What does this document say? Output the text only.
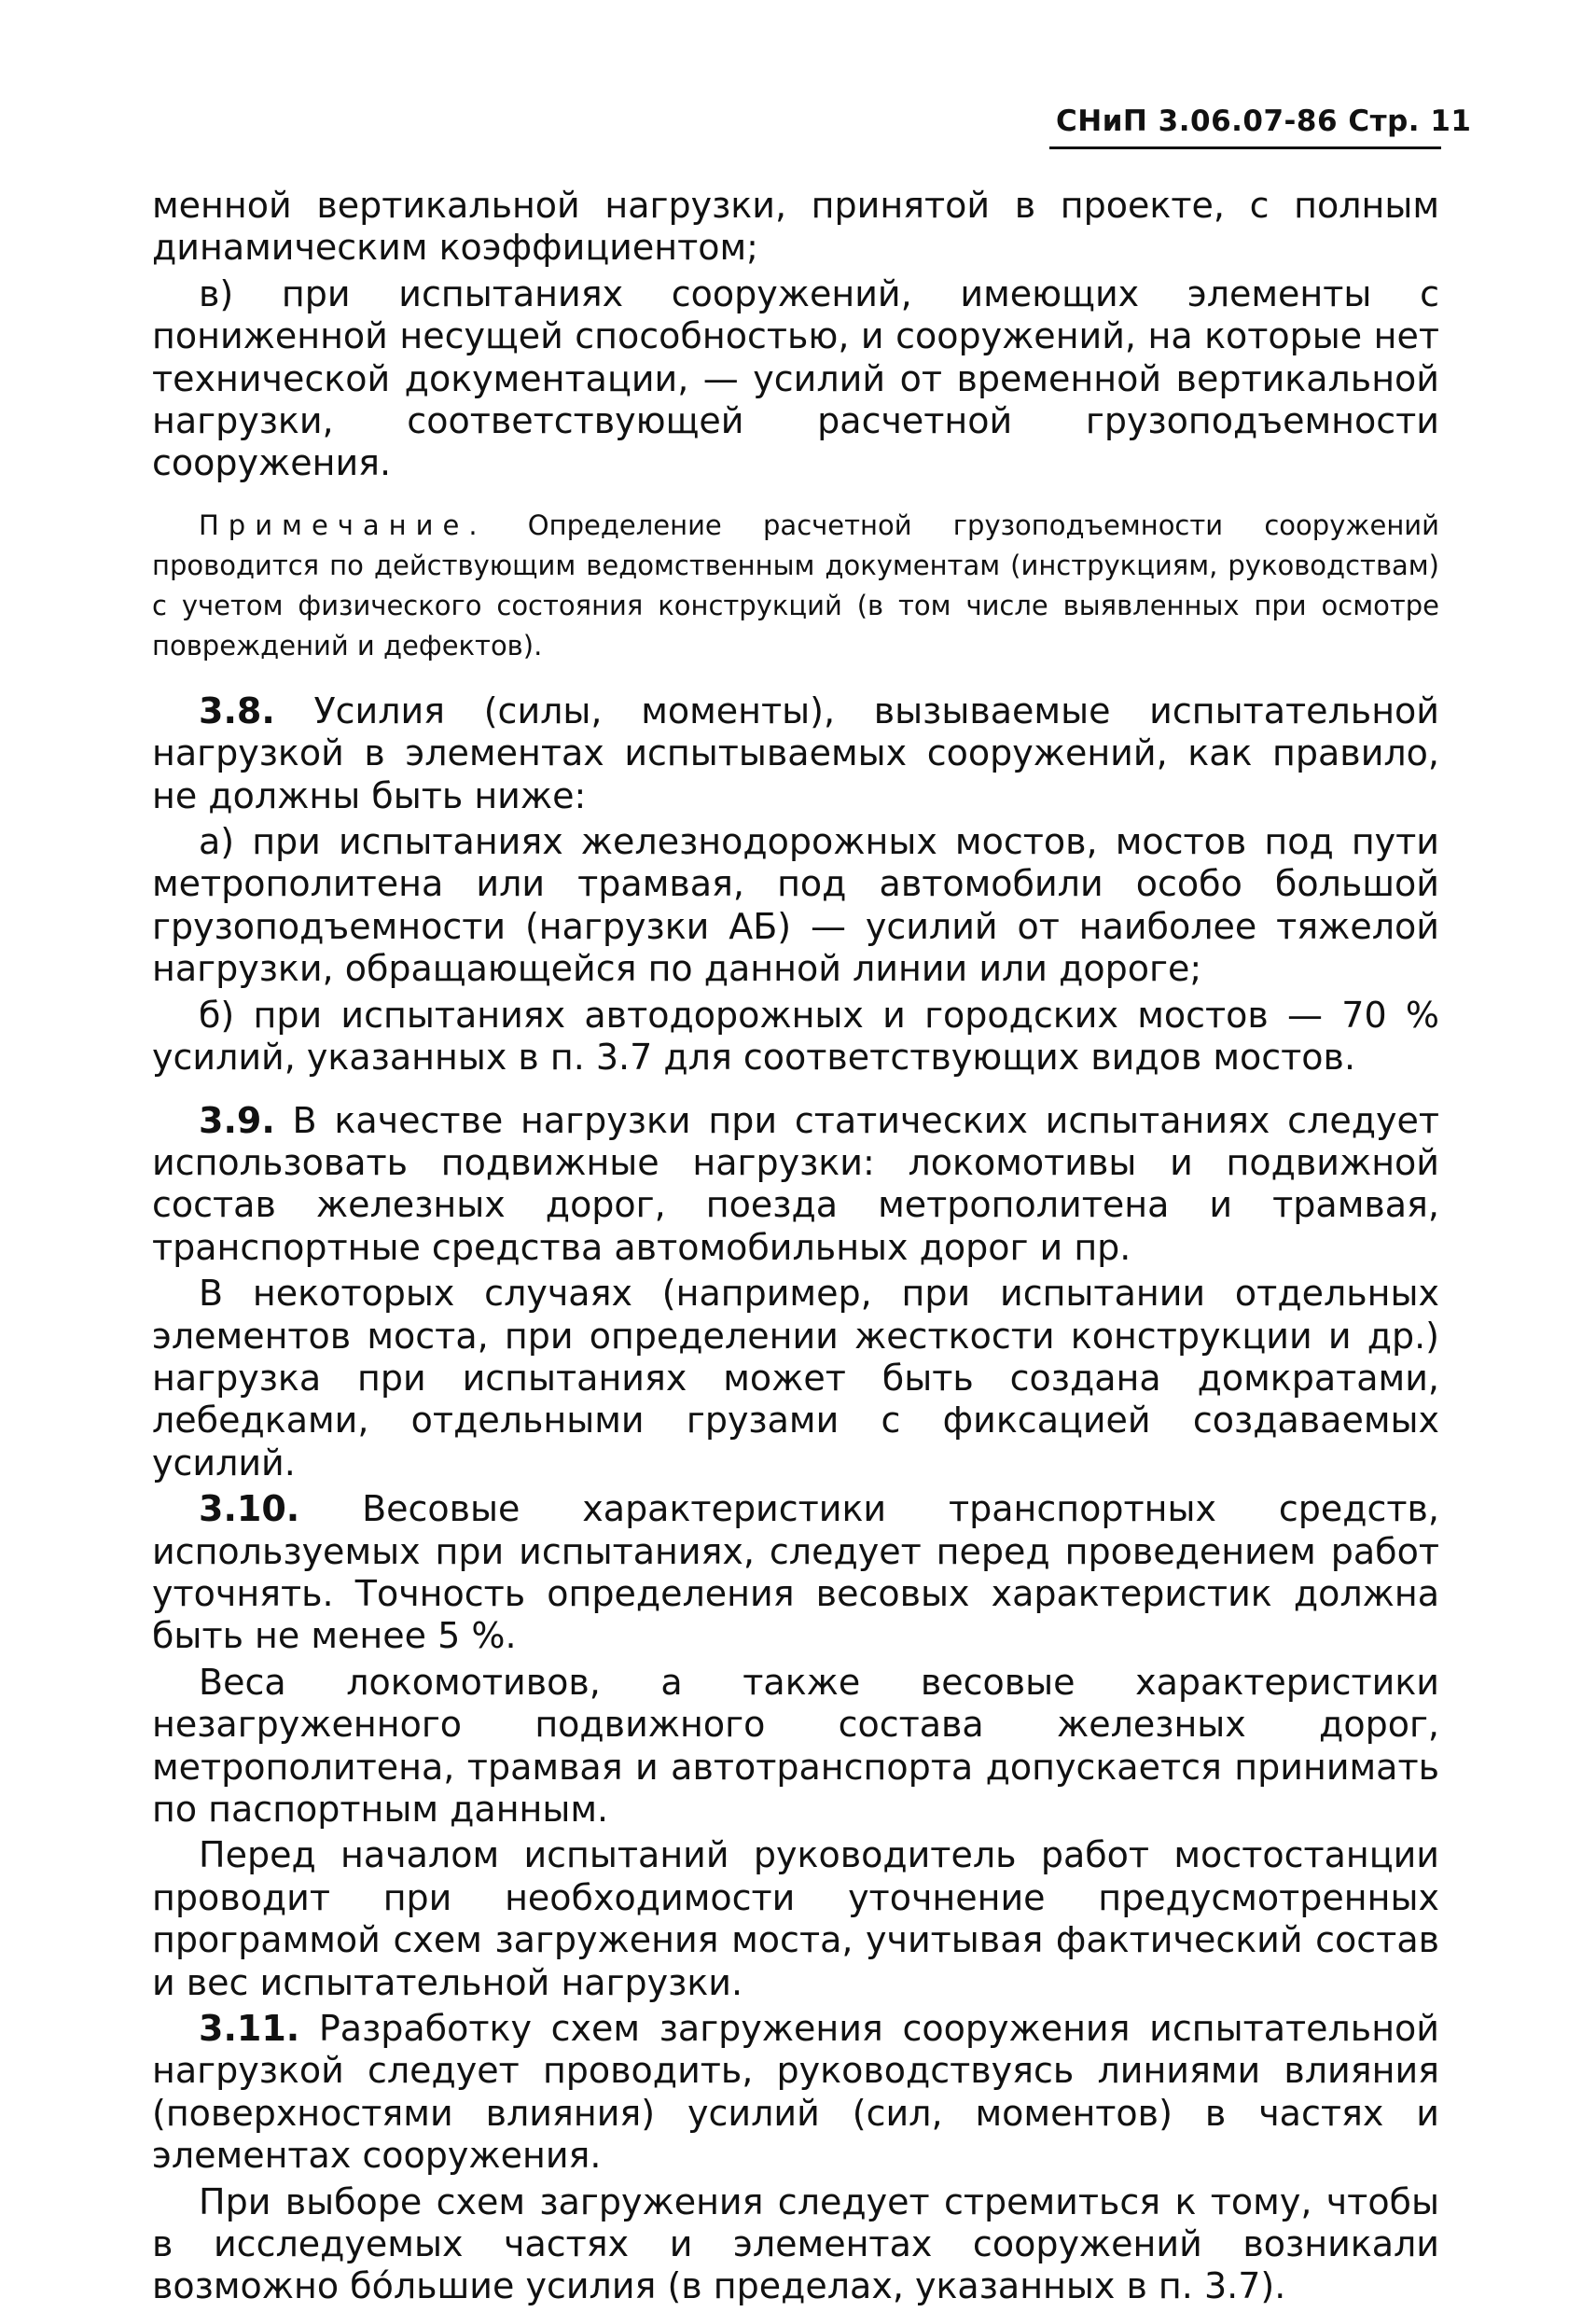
СНиП 3.06.07-86 Стр. 11

менной вертикальной нагрузки, принятой в проекте, с полным динамическим коэффициентом;

в) при испытаниях сооружений, имеющих элементы с пониженной несущей способностью, и сооружений, на которые нет технической документации, — усилий от временной вертикальной нагрузки, соответствующей расчетной грузоподъемности сооружения.

Примечание. Определение расчетной грузоподъемности сооружений проводится по действующим ведомственным документам (инструкциям, руководствам) с учетом физического состояния конструкций (в том числе выявленных при осмотре повреждений и дефектов).

3.8. Усилия (силы, моменты), вызываемые испытательной нагрузкой в элементах испытываемых сооружений, как правило, не должны быть ниже:

а) при испытаниях железнодорожных мостов, мостов под пути метрополитена или трамвая, под автомобили особо большой грузоподъемности (нагрузки АБ) — усилий от наиболее тяжелой нагрузки, обращающейся по данной линии или дороге;

б) при испытаниях автодорожных и городских мостов — 70 % усилий, указанных в п. 3.7 для соответствующих видов мостов.

3.9. В качестве нагрузки при статических испытаниях следует использовать подвижные нагрузки: локомотивы и подвижной состав железных дорог, поезда метрополитена и трамвая, транспортные средства автомобильных дорог и пр.

В некоторых случаях (например, при испытании отдельных элементов моста, при определении жесткости конструкции и др.) нагрузка при испытаниях может быть создана домкратами, лебедками, отдельными грузами с фиксацией создаваемых усилий.

3.10. Весовые характеристики транспортных средств, используемых при испытаниях, следует перед проведением работ уточнять. Точность определения весовых характеристик должна быть не менее 5 %.

Веса локомотивов, а также весовые характеристики незагруженного подвижного состава железных дорог, метрополитена, трамвая и автотранспорта допускается принимать по паспортным данным.

Перед началом испытаний руководитель работ мостостанции проводит при необходимости уточнение предусмотренных программой схем загружения моста, учитывая фактический состав и вес испытательной нагрузки.

3.11. Разработку схем загружения сооружения испытательной нагрузкой следует проводить, руководствуясь линиями влияния (поверхностями влияния) усилий (сил, моментов) в частях и элементах сооружения.

При выборе схем загружения следует стремиться к тому, чтобы в исследуемых частях и элементах сооружений возникали возможно бо́льшие усилия (в пределах, указанных в п. 3.7).
